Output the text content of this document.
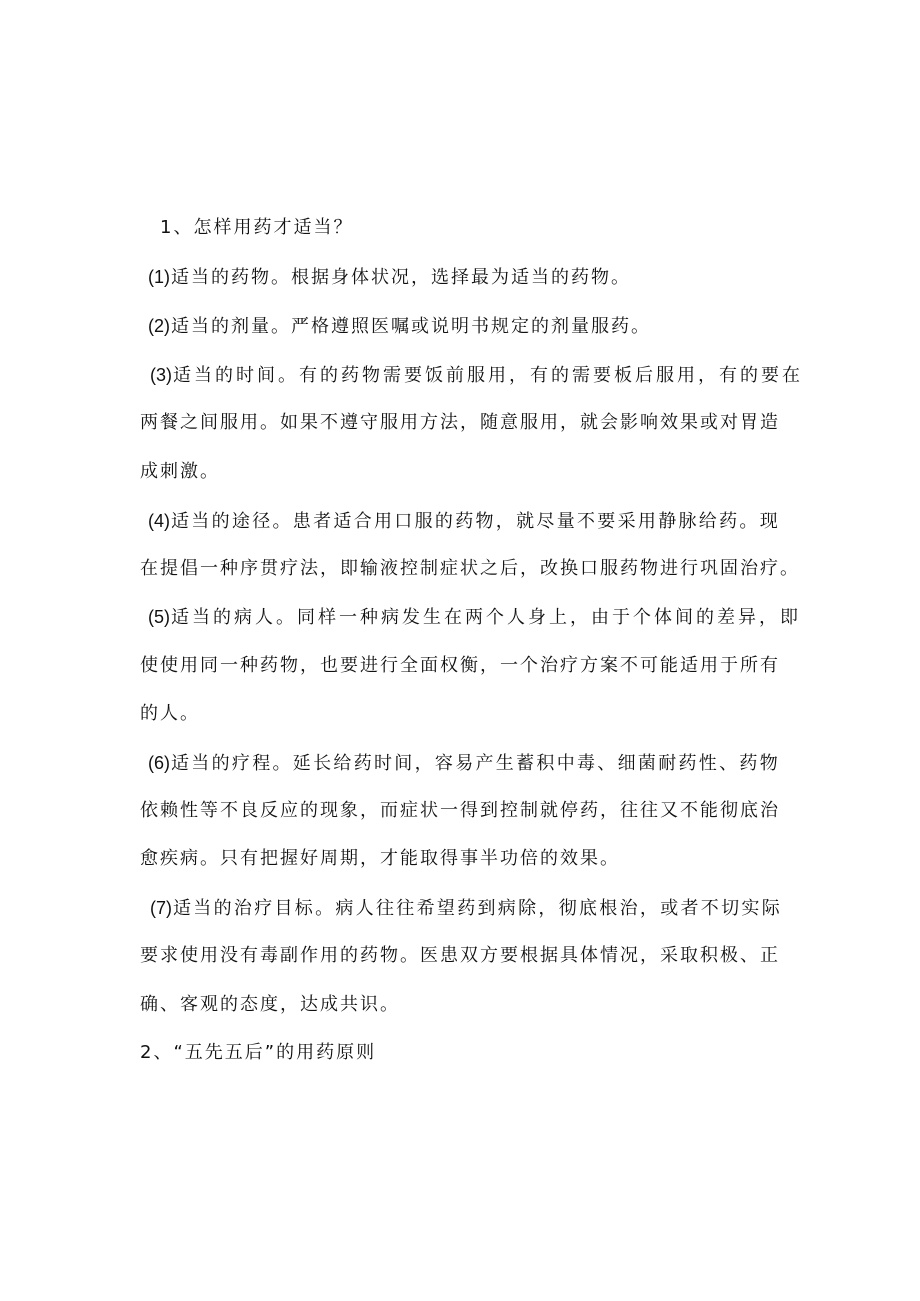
1、怎样用药才适当？
(1)适当的药物。根据身体状况，选择最为适当的药物。
(2)适当的剂量。严格遵照医嘱或说明书规定的剂量服药。
(3)适当的时间。有的药物需要饭前服用，有的需要板后服用，有的要在
两餐之间服用。如果不遵守服用方法，随意服用，就会影响效果或对胃造
成刺激。
(4)适当的途径。患者适合用口服的药物，就尽量不要采用静脉给药。现
在提倡一种序贯疗法，即输液控制症状之后，改换口服药物进行巩固治疗。
(5)适当的病人。同样一种病发生在两个人身上，由于个体间的差异，即
使使用同一种药物，也要进行全面权衡，一个治疗方案不可能适用于所有
的人。
(6)适当的疗程。延长给药时间，容易产生蓄积中毒、细菌耐药性、药物
依赖性等不良反应的现象，而症状一得到控制就停药，往往又不能彻底治
愈疾病。只有把握好周期，才能取得事半功倍的效果。
(7)适当的治疗目标。病人往往希望药到病除，彻底根治，或者不切实际
要求使用没有毒副作用的药物。医患双方要根据具体情况，采取积极、正
确、客观的态度，达成共识。
2、“五先五后”的用药原则
